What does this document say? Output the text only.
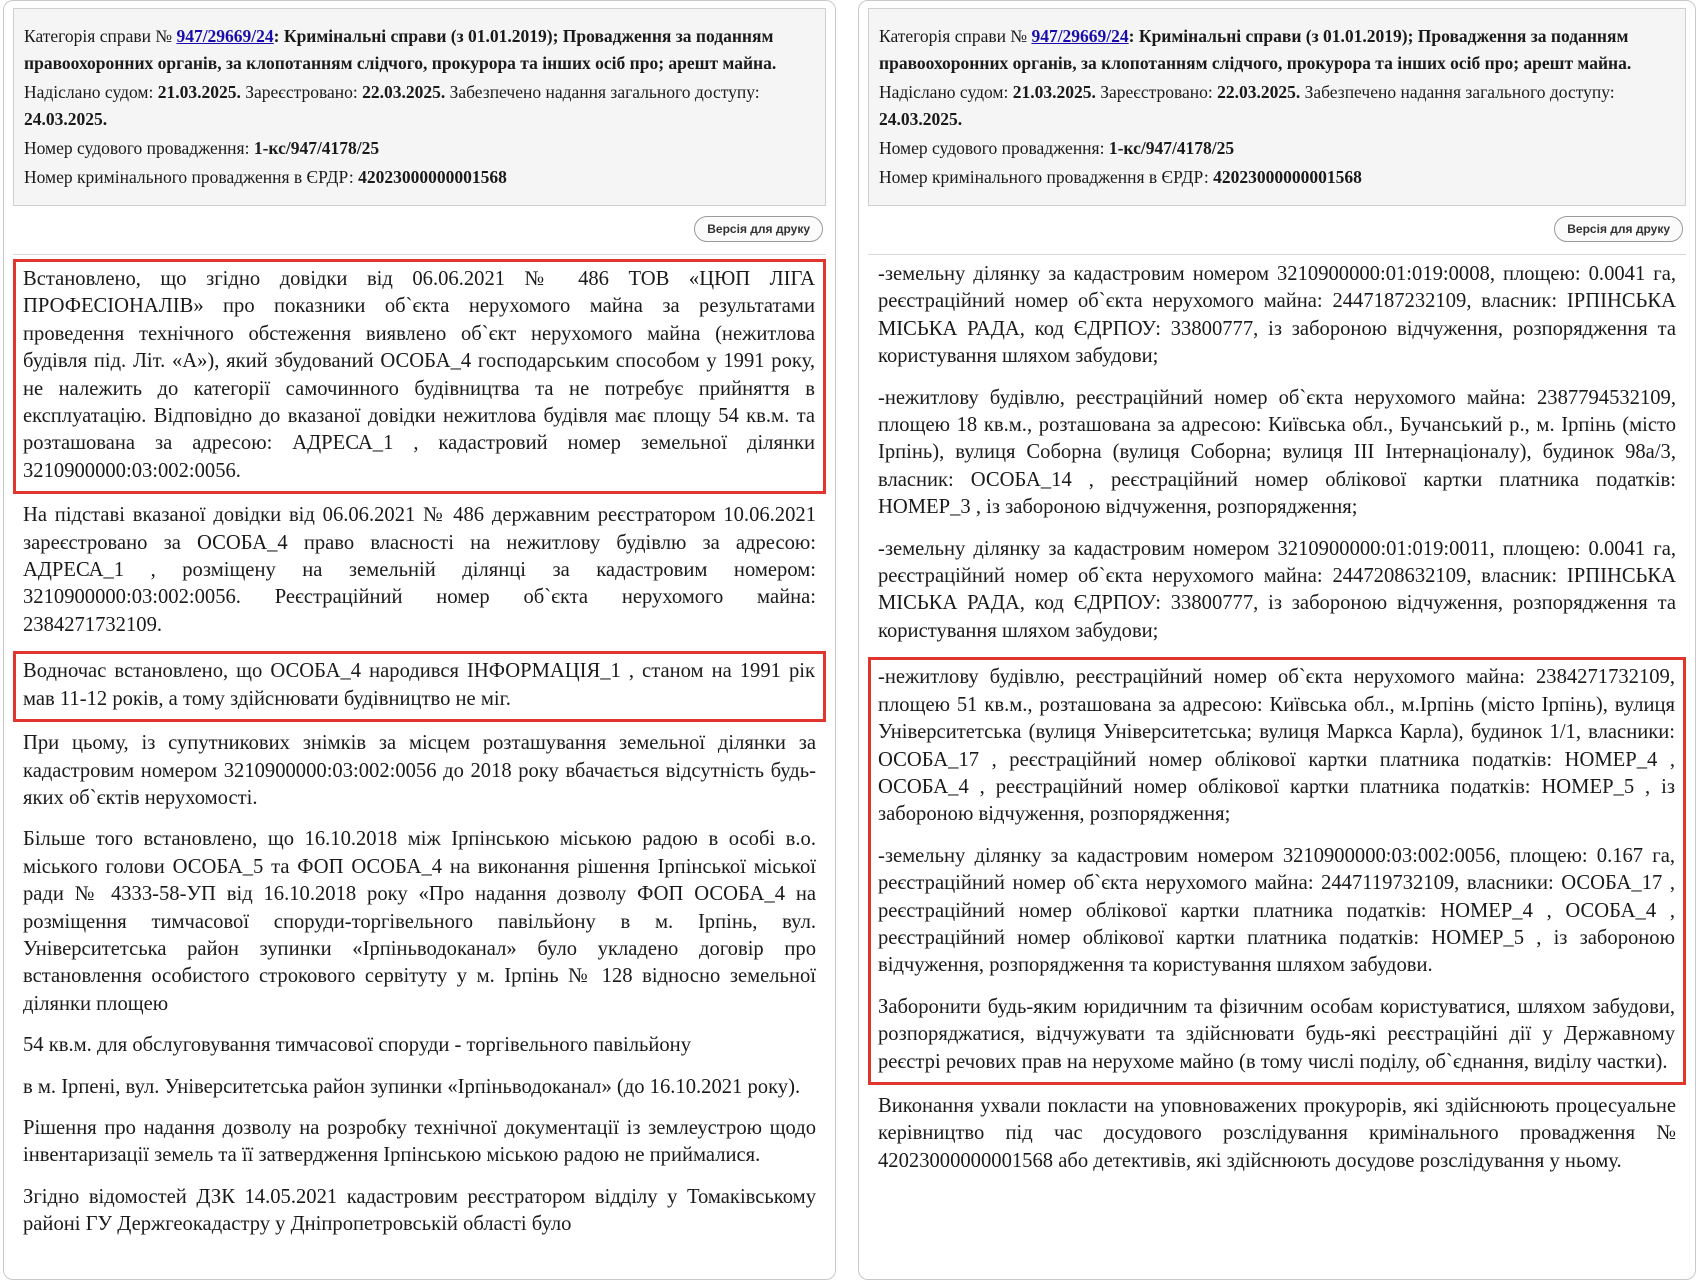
Категорія справи № 947/29669/24: Кримінальні справи (з 01.01.2019); Провадження за поданням правоохоронних органів, за клопотанням слідчого, прокурора та інших осіб про; арешт майна.
Надіслано судом: 21.03.2025. Зареєстровано: 22.03.2025. Забезпечено надання загального доступу: 24.03.2025.
Номер судового провадження: 1-кс/947/4178/25
Номер кримінального провадження в ЄРДР: 42023000000001568
Версія для друку

Встановлено, що згідно довідки від 06.06.2021 № 486 ТОВ «ЦЮП ЛІГА ПРОФЕСІОНАЛІВ» про показники об`єкта нерухомого майна за результатами проведення технічного обстеження виявлено об`єкт нерухомого майна (нежитлова будівля під. Літ. «А»), який збудований ОСОБА_4 господарським способом у 1991 року, не належить до категорії самочинного будівництва та не потребує прийняття в експлуатацію. Відповідно до вказаної довідки нежитлова будівля має площу 54 кв.м. та розташована за адресою: АДРЕСА_1 , кадастровий номер земельної ділянки 3210900000:03:002:0056.

На підставі вказаної довідки від 06.06.2021 № 486 державним реєстратором 10.06.2021 зареєстровано за ОСОБА_4 право власності на нежитлову будівлю за адресою: АДРЕСА_1 , розміщену на земельній ділянці за кадастровим номером: 3210900000:03:002:0056. Реєстраційний номер об`єкта нерухомого майна: 2384271732109.

Водночас встановлено, що ОСОБА_4 народився ІНФОРМАЦІЯ_1 , станом на 1991 рік мав 11-12 років, а тому здійснювати будівництво не міг.

При цьому, із супутникових знімків за місцем розташування земельної ділянки за кадастровим номером 3210900000:03:002:0056 до 2018 року вбачається відсутність будь-яких об`єктів нерухомості.

Більше того встановлено, що 16.10.2018 між Ірпінською міською радою в особі в.о. міського голови ОСОБА_5 та ФОП ОСОБА_4 на виконання рішення Ірпінської міської ради № 4333-58-УП від 16.10.2018 року «Про надання дозволу ФОП ОСОБА_4 на розміщення тимчасової споруди-торгівельного павільйону в м. Ірпінь, вул. Університетська район зупинки «Ірпіньводоканал» було укладено договір про встановлення особистого строкового сервітуту у м. Ірпінь № 128 відносно земельної ділянки площею

54 кв.м. для обслуговування тимчасової споруди - торгівельного павільйону

в м. Ірпені, вул. Університетська район зупинки «Ірпіньводоканал» (до 16.10.2021 року).

Рішення про надання дозволу на розробку технічної документації із землеустрою щодо інвентаризації земель та її затвердження Ірпінською міською радою не приймалися.

Згідно відомостей ДЗК 14.05.2021 кадастровим реєстратором відділу у Томаківському районі ГУ Держгеокадастру у Дніпропетровській області було

Категорія справи № 947/29669/24: Кримінальні справи (з 01.01.2019); Провадження за поданням правоохоронних органів, за клопотанням слідчого, прокурора та інших осіб про; арешт майна.
Надіслано судом: 21.03.2025. Зареєстровано: 22.03.2025. Забезпечено надання загального доступу: 24.03.2025.
Номер судового провадження: 1-кс/947/4178/25
Номер кримінального провадження в ЄРДР: 42023000000001568
Версія для друку

-земельну ділянку за кадастровим номером 3210900000:01:019:0008, площею: 0.0041 га, реєстраційний номер об`єкта нерухомого майна: 2447187232109, власник: ІРПІНСЬКА МІСЬКА РАДА, код ЄДРПОУ: 33800777, із забороною відчуження, розпорядження та користування шляхом забудови;

-нежитлову будівлю, реєстраційний номер об`єкта нерухомого майна: 2387794532109, площею 18 кв.м., розташована за адресою: Київська обл., Бучанський р., м. Ірпінь (місто Ірпінь), вулиця Соборна (вулиця Соборна; вулиця III Інтернаціоналу), будинок 98а/3, власник: ОСОБА_14 , реєстраційний номер облікової картки платника податків: НОМЕР_3 , із забороною відчуження, розпорядження;

-земельну ділянку за кадастровим номером 3210900000:01:019:0011, площею: 0.0041 га, реєстраційний номер об`єкта нерухомого майна: 2447208632109, власник: ІРПІНСЬКА МІСЬКА РАДА, код ЄДРПОУ: 33800777, із забороною відчуження, розпорядження та користування шляхом забудови;

-нежитлову будівлю, реєстраційний номер об`єкта нерухомого майна: 2384271732109, площею 51 кв.м., розташована за адресою: Київська обл., м.Ірпінь (місто Ірпінь), вулиця Університетська (вулиця Університетська; вулиця Маркса Карла), будинок 1/1, власники: ОСОБА_17 , реєстраційний номер облікової картки платника податків: НОМЕР_4 , ОСОБА_4 , реєстраційний номер облікової картки платника податків: НОМЕР_5 , із забороною відчуження, розпорядження;

-земельну ділянку за кадастровим номером 3210900000:03:002:0056, площею: 0.167 га, реєстраційний номер об`єкта нерухомого майна: 2447119732109, власники: ОСОБА_17 , реєстраційний номер облікової картки платника податків: НОМЕР_4 , ОСОБА_4 , реєстраційний номер облікової картки платника податків: НОМЕР_5 , із забороною відчуження, розпорядження та користування шляхом забудови.

Заборонити будь-яким юридичним та фізичним особам користуватися, шляхом забудови, розпоряджатися, відчужувати та здійснювати будь-які реєстраційні дії у Державному реєстрі речових прав на нерухоме майно (в тому числі поділу, об`єднання, виділу частки).

Виконання ухвали покласти на уповноважених прокурорів, які здійснюють процесуальне керівництво під час досудового розслідування кримінального провадження № 42023000000001568 або детективів, які здійснюють досудове розслідування у ньому.
